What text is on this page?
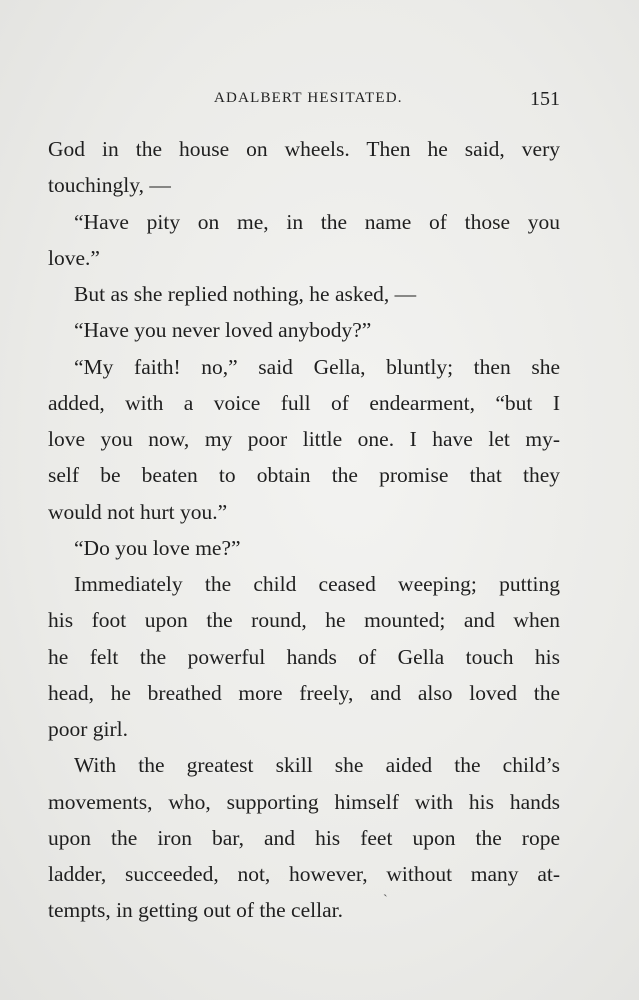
ADALBERT HESITATED.	151
God in the house on wheels. Then he said, very
touchingly, —
“Have pity on me, in the name of those you
love.”
But as she replied nothing, he asked, —
“Have you never loved anybody?”
“My faith! no,” said Gella, bluntly; then she
added, with a voice full of endearment, “but I
love you now, my poor little one. I have let my-
self be beaten to obtain the promise that they
would not hurt you.”
“Do you love me?”
Immediately the child ceased weeping; putting
his foot upon the round, he mounted; and when
he felt the powerful hands of Gella touch his
head, he breathed more freely, and also loved the
poor girl.
With the greatest skill she aided the child’s
movements, who, supporting himself with his hands
upon the iron bar, and his feet upon the rope
ladder, succeeded, not, however, without many at-
tempts, in getting out of the cellar.	`
